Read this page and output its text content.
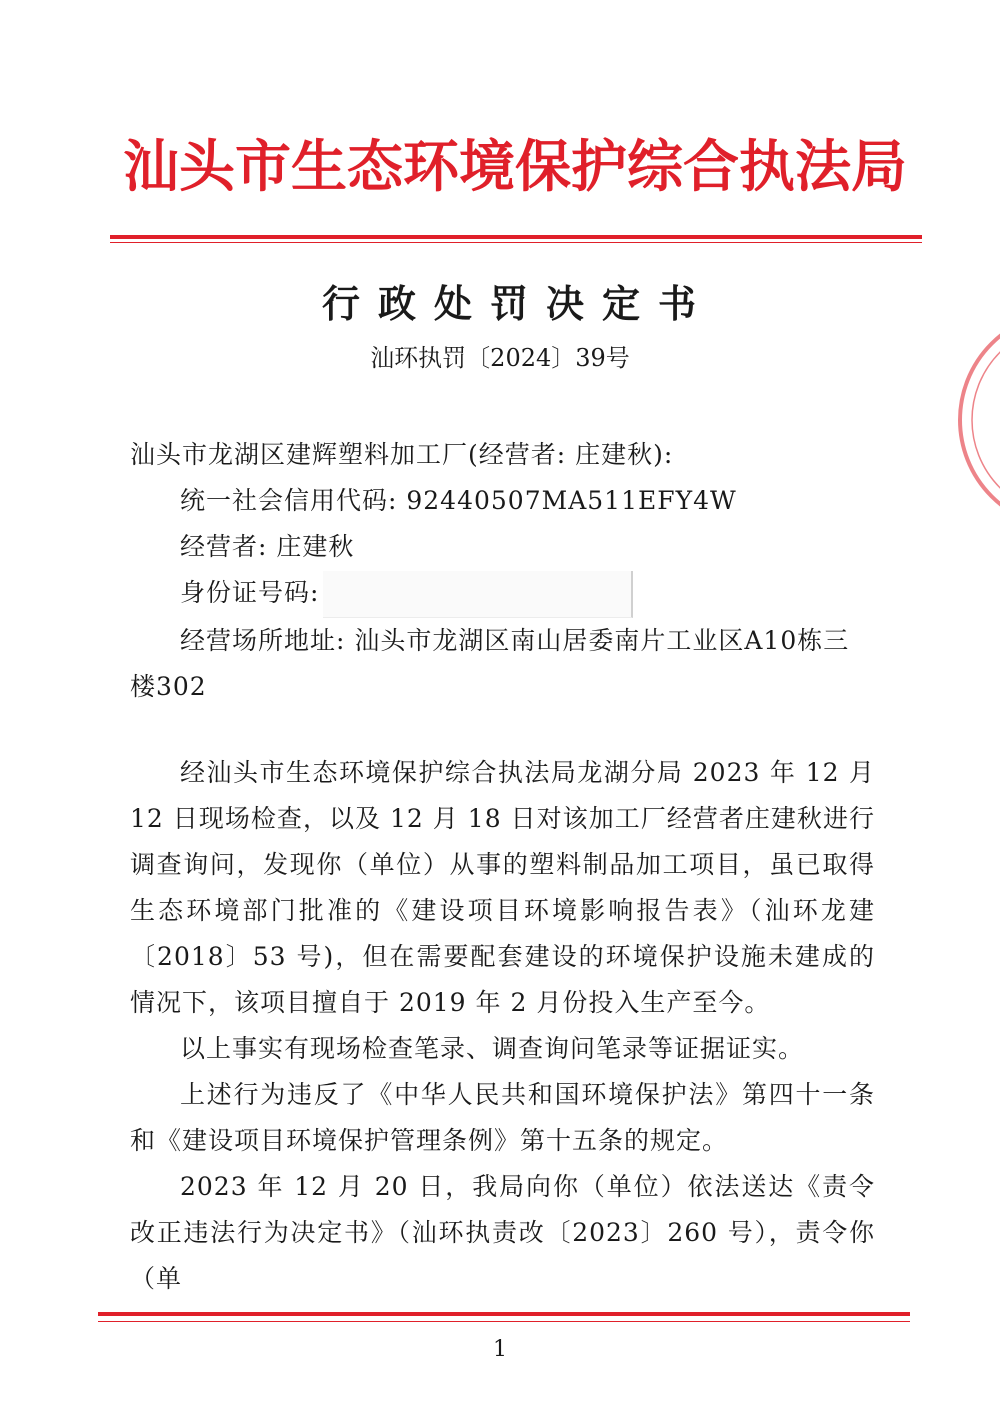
汕头市生态环境保护综合执法局
行政处罚决定书
汕环执罚〔2024〕39号
汕头市龙湖区建辉塑料加工厂(经营者: 庄建秋):
统一社会信用代码: 92440507MA511EFY4W
经营者: 庄建秋
身份证号码:
经营场所地址: 汕头市龙湖区南山居委南片工业区A10栋三
楼302

经汕头市生态环境保护综合执法局龙湖分局 2023 年 12 月 12 日现场检查，以及 12 月 18 日对该加工厂经营者庄建秋进行调查询问，发现你（单位）从事的塑料制品加工项目，虽已取得生态环境部门批准的《建设项目环境影响报告表》（汕环龙建〔2018〕53 号)，但在需要配套建设的环境保护设施未建成的情况下，该项目擅自于 2019 年 2 月份投入生产至今。

以上事实有现场检查笔录、调查询问笔录等证据证实。

上述行为违反了《中华人民共和国环境保护法》第四十一条和《建设项目环境保护管理条例》第十五条的规定。

2023 年 12 月 20 日，我局向你（单位）依法送达《责令改正违法行为决定书》（汕环执责改〔2023〕260 号），责令你（单

1
